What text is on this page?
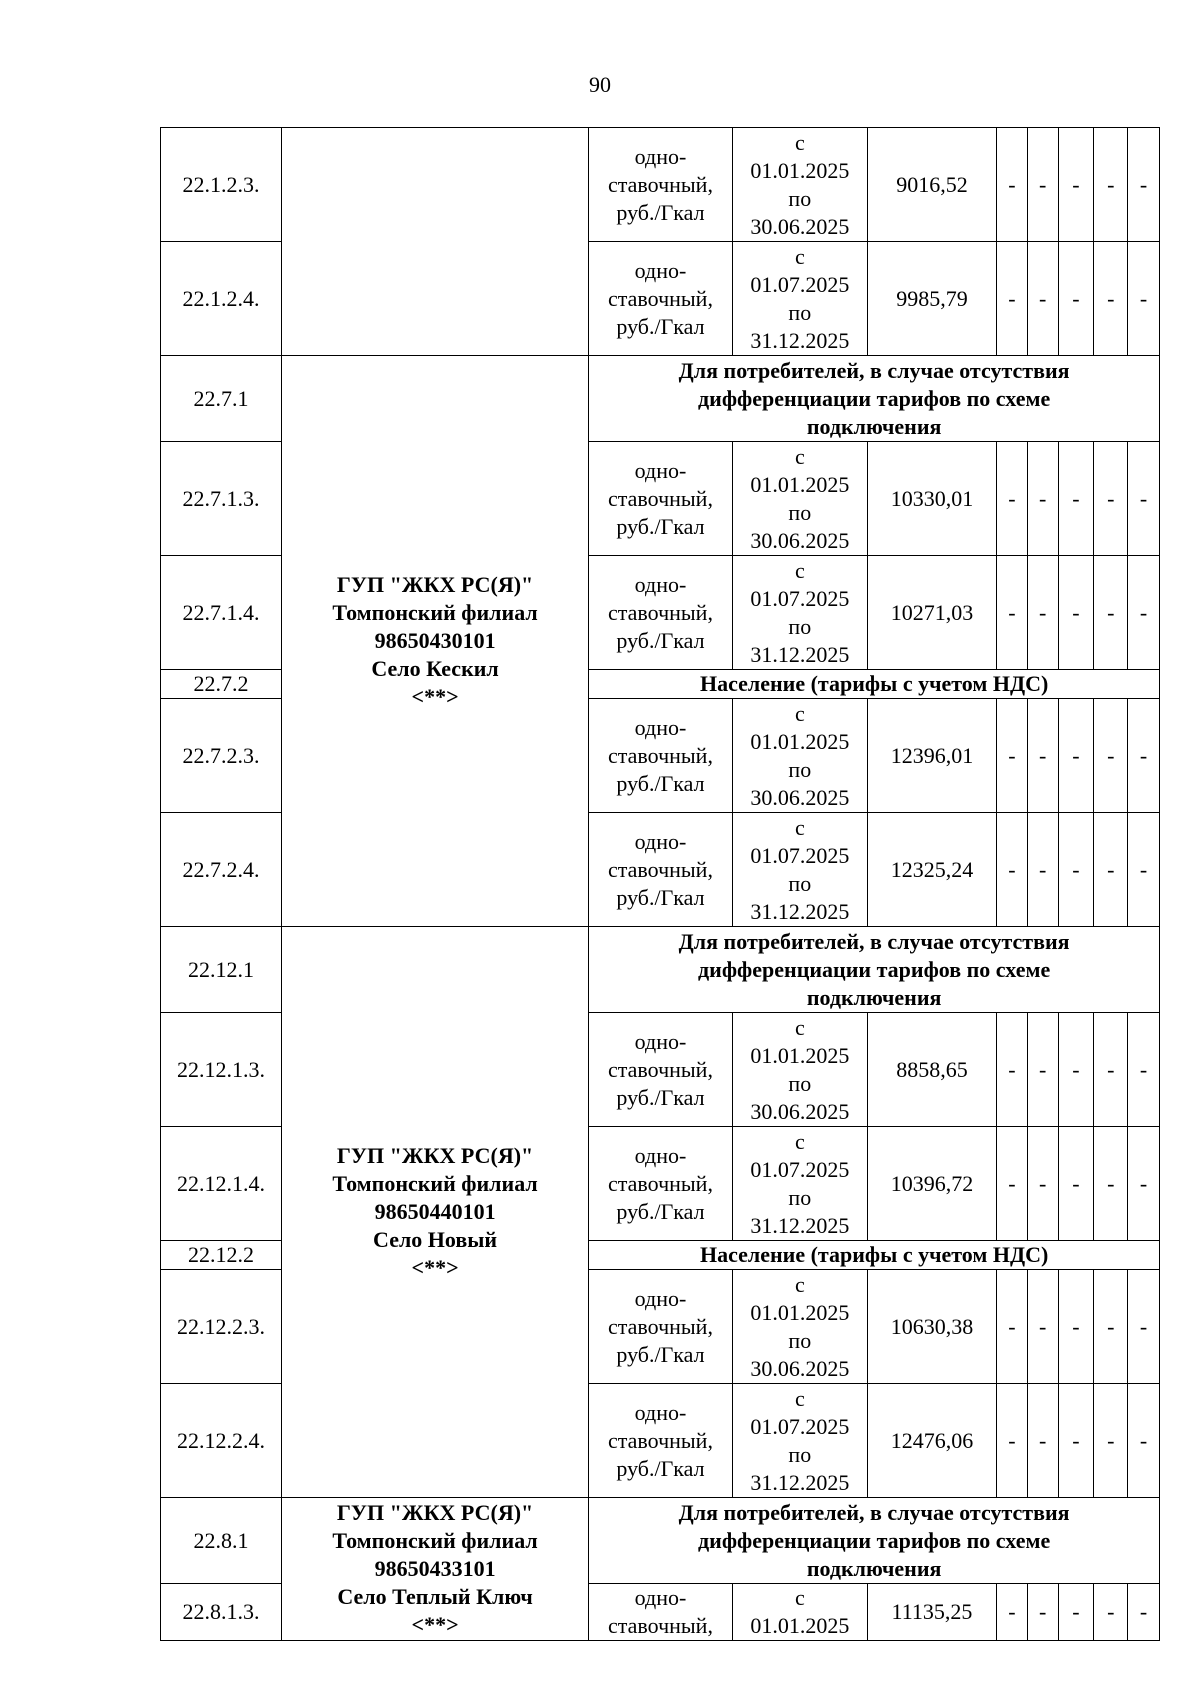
90
22.1.2.3.		одно-
ставочный,
руб./Гкал	с
01.01.2025
по
30.06.2025	9016,52	-	-	-	-	-
22.1.2.4.		одно-
ставочный,
руб./Гкал	с
01.07.2025
по
31.12.2025	9985,79	-	-	-	-	-
22.7.1	ГУП "ЖКХ РС(Я)"
Томпонский филиал
98650430101
Село Кескил
<**>	Для потребителей, в случае отсутствия
дифференциации тарифов по схеме
подключения							

22.7.1.3.		одно-
ставочный,
руб./Гкал	с
01.01.2025
по
30.06.2025	10330,01	-	-	-	-	-
22.7.1.4.		одно-
ставочный,
руб./Гкал	с
01.07.2025
по
31.12.2025	10271,03	-	-	-	-	-
22.7.2		Население (тарифы с учетом НДС)							
22.7.2.3.		одно-
ставочный,
руб./Гкал	с
01.01.2025
по
30.06.2025	12396,01	-	-	-	-	-
22.7.2.4.		одно-
ставочный,
руб./Гкал	с
01.07.2025
по
31.12.2025	12325,24	-	-	-	-	-
22.12.1	ГУП "ЖКХ РС(Я)"
Томпонский филиал
98650440101
Село Новый
<**>	Для потребителей, в случае отсутствия
дифференциации тарифов по схеме
подключения							

22.12.1.3.		одно-
ставочный,
руб./Гкал	с
01.01.2025
по
30.06.2025	8858,65	-	-	-	-	-
22.12.1.4.		одно-
ставочный,
руб./Гкал	с
01.07.2025
по
31.12.2025	10396,72	-	-	-	-	-
22.12.2		Население (тарифы с учетом НДС)							
22.12.2.3.		одно-
ставочный,
руб./Гкал	с
01.01.2025
по
30.06.2025	10630,38	-	-	-	-	-
22.12.2.4.		одно-
ставочный,
руб./Гкал	с
01.07.2025
по
31.12.2025	12476,06	-	-	-	-	-
22.8.1	ГУП "ЖКХ РС(Я)"
Томпонский филиал
98650433101
Село Теплый Ключ
<**>	Для потребителей, в случае отсутствия
дифференциации тарифов по схеме
подключения							

22.8.1.3.		одно-
ставочный,	с
01.01.2025	11135,25	-	-	-	-	-
